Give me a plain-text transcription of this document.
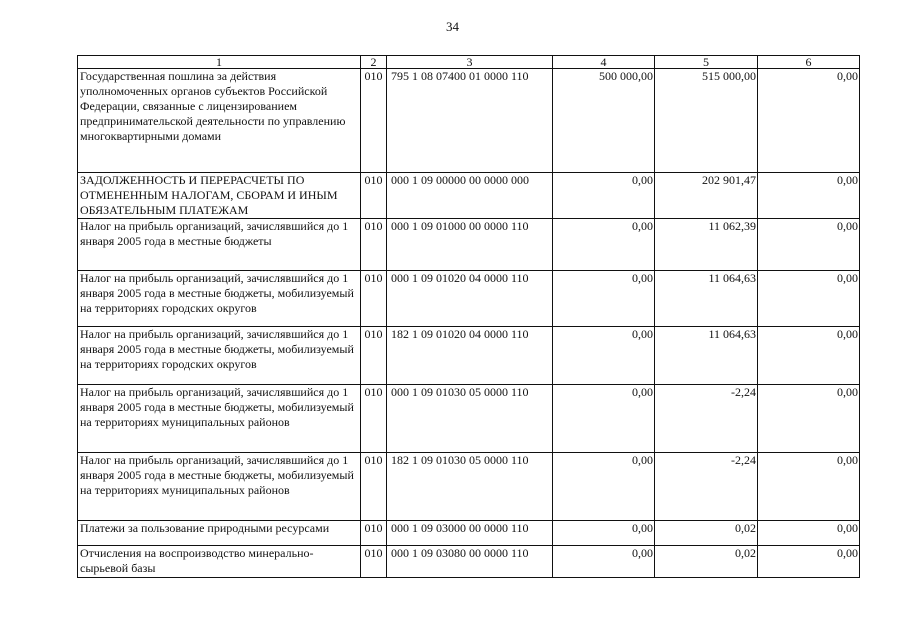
34
1	2	3	4	5	6
Государственная пошлина за действия уполномоченных органов субъектов Российской Федерации, связанные с лицензированием предпринимательской деятельности по управлению многоквартирными домами	010	795 1 08 07400 01 0000 110	500 000,00	515 000,00	0,00
ЗАДОЛЖЕННОСТЬ И ПЕРЕРАСЧЕТЫ ПО ОТМЕНЕННЫМ НАЛОГАМ, СБОРАМ И ИНЫМ ОБЯЗАТЕЛЬНЫМ ПЛАТЕЖАМ	010	000 1 09 00000 00 0000 000	0,00	202 901,47	0,00
Налог на прибыль организаций, зачислявшийся до 1 января 2005 года в местные бюджеты	010	000 1 09 01000 00 0000 110	0,00	11 062,39	0,00
Налог на прибыль организаций, зачислявшийся до 1 января 2005 года в местные бюджеты, мобилизуемый на территориях городских округов	010	000 1 09 01020 04 0000 110	0,00	11 064,63	0,00
Налог на прибыль организаций, зачислявшийся до 1 января 2005 года в местные бюджеты, мобилизуемый на территориях городских округов	010	182 1 09 01020 04 0000 110	0,00	11 064,63	0,00
Налог на прибыль организаций, зачислявшийся до 1 января 2005 года в местные бюджеты, мобилизуемый на территориях муниципальных районов	010	000 1 09 01030 05 0000 110	0,00	-2,24	0,00
Налог на прибыль организаций, зачислявшийся до 1 января 2005 года в местные бюджеты, мобилизуемый на территориях муниципальных районов	010	182 1 09 01030 05 0000 110	0,00	-2,24	0,00
Платежи за пользование природными ресурсами	010	000 1 09 03000 00 0000 110	0,00	0,02	0,00
Отчисления на воспроизводство минерально-сырьевой базы	010	000 1 09 03080 00 0000 110	0,00	0,02	0,00
